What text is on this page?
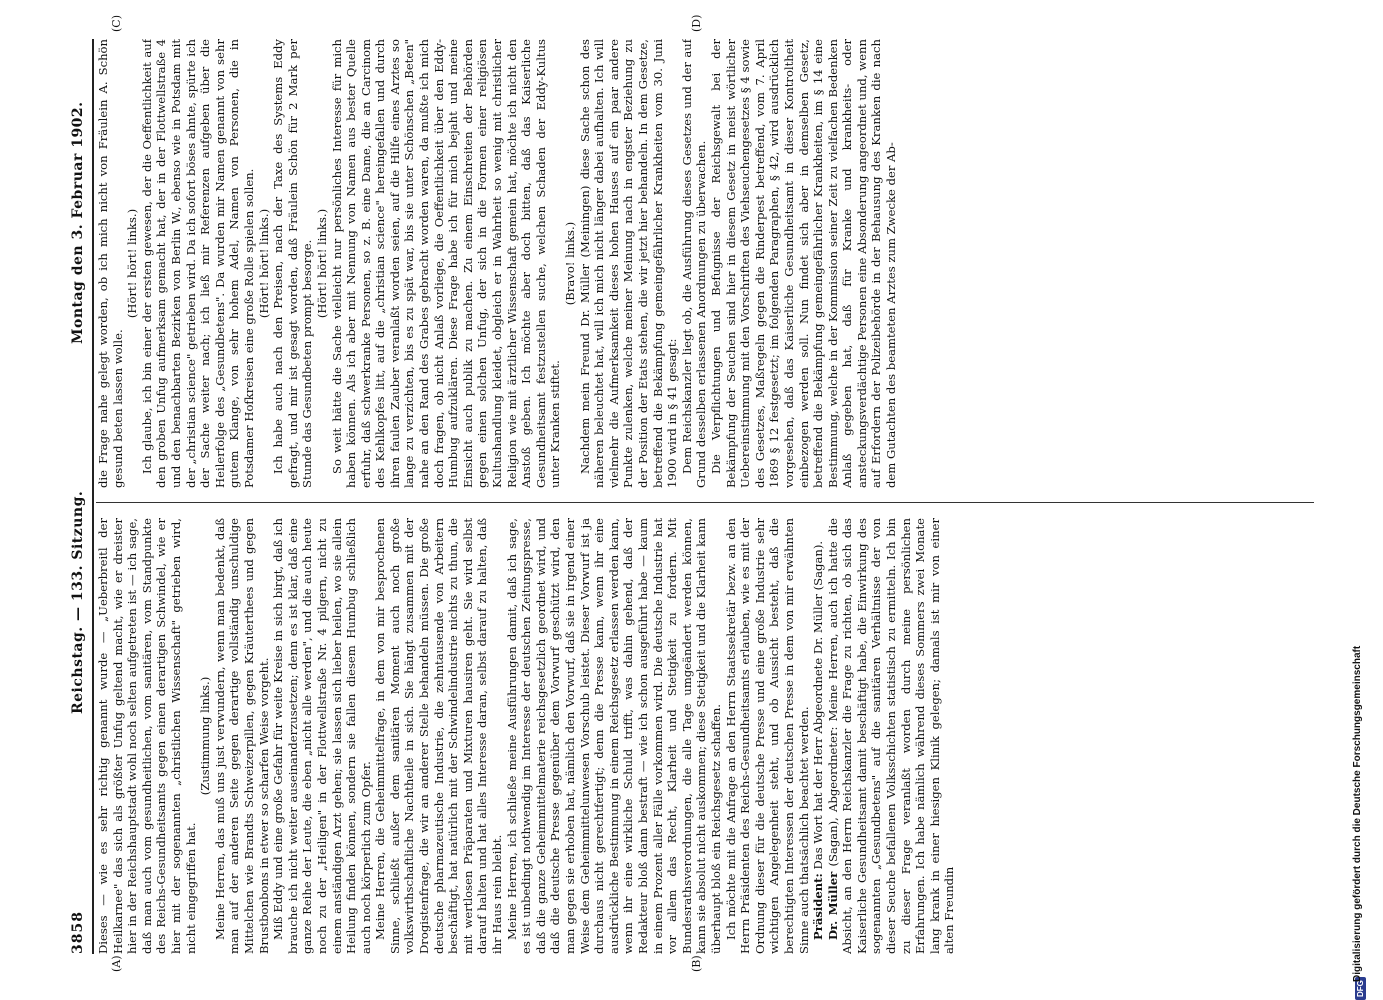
3858
Reichstag. — 133. Sitzung.
Montag den 3. Februar 1902.
(A)	(B)
(C)	(D)

Dieses — wie es sehr richtig genannt wurde — „Ueberbreitl der Heilkarnee" das sich als größter Unfug geltend macht, wie er dreister hier in der Reichshauptstadt wohl noch selten aufgetreten ist — ich sage, daß man auch vom gesundheitlichen, vom sanitären, vom Standpunkte des Reichs-Gesundheitsamts gegen einen derartigen Schwindel, wie er hier mit der sogenannten „christlichen Wissenschaft" getrieben wird, nicht eingegriffen hat.

(Zustimmung links.) Meine Herren, das muß uns just verwundern, wenn man bedenkt, daß man auf der anderen Seite gegen derartige vollständig unschuldige Mittelchen wie Brandts Schweizerpillen, gegen Kräuterthees und gegen Brustbonbons in etwer so scharfen Weise vorgeht. Miß Eddy und eine große Gefahr für weite Kreise in sich birgt, daß ich brauche ich nicht weiter auseinanderzusetzen; denn es ist klar, daß eine ganze Reihe der Leute, die eben „nicht alle werden", und die auch heute noch zu der „Heiligen" in der Flottwellstraße Nr. 4 pilgern, nicht zu einem anständigen Arzt gehen; sie lassen sich lieber heilen, wo sie allein Heilung finden können, sondern sie fallen diesem Humbug schließlich auch noch körperlich zum Opfer. Meine Herren, die Geheimmittelfrage, in dem von mir besprochenen Sinne, schließt außer dem sanitären Moment auch noch große volkswirthschaftliche Nachtheile in sich. Sie hängt zusammen mit der Drogistenfrage, die wir an anderer Stelle behandeln müssen. Die große deutsche pharmazeutische Industrie, die zehntausende von Arbeitern beschäftigt, hat natürlich mit der Schwindelindustrie nichts zu thun, die mit wertlosen Präparaten und Mixturen hausiren geht. Sie wird selbst darauf halten und hat alles Interesse daran, selbst darauf zu halten, daß ihr Haus rein bleibt. Meine Herren, ich schließe meine Ausführungen damit, daß ich sage, es ist unbedingt nothwendig im Interesse der deutschen Zeitungspresse, daß die ganze Geheimmittelmaterie reichsgesetzlich geordnet wird, und daß die deutsche Presse gegenüber dem Vorwurf geschützt wird, den man gegen sie erhoben hat, nämlich den Vorwurf, daß sie in irgend einer Weise dem Geheimmittelunwesen Vorschub leistet. Dieser Vorwurf ist ja durchaus nicht gerechtfertigt; denn die Presse kann, wenn ihr eine ausdrückliche Bestimmung in einem Reichsgesetz erlassen werden kann, wenn ihr eine wirkliche Schuld trifft, was dahin gehend, daß der Redakteur bloß dann bestraft — wie ich schon ausgeführt habe — kaum in einem Prozent aller Fälle vorkommen wird. Die deutsche Industrie hat vor allem das Recht, Klarheit und Stetigkeit zu fordern. Mit Bundesrathsverordnungen, die alle Tage umgeändert werden können, kann sie absolut nicht auskommen; diese Stetigkeit und die Klarheit kann überhaupt bloß ein Reichsgesetz schaffen. Ich möchte mit die Anfrage an den Herrn Staatssekretär bezw. an den Herrn Präsidenten des Reichs-Gesundheitsamts erlauben, wie es mit der Ordnung dieser für die deutsche Presse und eine große Industrie sehr wichtigen Angelegenheit steht, und ob Aussicht besteht, daß die berechtigten Interessen der deutschen Presse in dem von mir erwähnten Sinne auch thatsächlich beachtet werden. Präsident: Das Wort hat der Herr Abgeordnete Dr. Müller (Sagan).

Dr. Müller (Sagan), Abgeordneter: Meine Herren, auch ich hatte die Absicht, an den Herrn Reichskanzler die Frage zu richten, ob sich das Kaiserliche Gesundheitsamt damit beschäftigt habe, die Einwirkung des sogenannten „Gesundbetens" auf die sanitären Verhältnisse der von dieser Seuche befallenen Volksschichten statistisch zu ermitteln. Ich bin zu dieser Frage veranlaßt worden durch meine persönlichen Erfahrungen. Ich habe nämlich während dieses Sommers zwei Monate lang krank in einer hiesigen Klinik gelegen; damals ist mir von einer alten Freundin

die Frage nahe gelegt worden, ob ich mich nicht von Fräulein A. Schön gesund beten lassen wolle.

(Hört! hört! links.) Ich glaube, ich bin einer der ersten gewesen, der die Oeffentlichkeit auf den groben Unfug aufmerksam gemacht hat, der in der Flottwellstraße 4 und den benachbarten Bezirken von Berlin W., ebenso wie in Potsdam mit der „christian science" getrieben wird. Da ich sofort böses ahnte, spürte ich der Sache weiter nach; ich ließ mir Referenzen aufgeben über die Heilerfolge des „Gesundbetens". Da wurden mir Namen genannt von sehr gutem Klange, von sehr hohem Adel, Namen von Personen, die in Potsdamer Hofkreisen eine große Rolle spielen sollen. (Hört! hört! links.) Ich habe auch nach den Preisen, nach der Taxe des Systems Eddy gefragt, und mir ist gesagt worden, daß Fräulein Schön für 2 Mark per Stunde das Gesundbeten prompt besorge. (Hört! hört! links.) So weit hätte die Sache vielleicht nur persönliches Interesse für mich haben können. Als ich aber mit Nennung von Namen aus bester Quelle erfuhr, daß schwerkranke Personen, so z. B. eine Dame, die an Carcinom des Kehlkopfes litt, auf die „christian science" hereingefallen und durch ihren faulen Zauber veranlaßt worden seien, auf die Hilfe eines Arztes so lange zu verzichten, bis es zu spät war, bis sie unter Schönschen „Beten" nahe an den Rand des Grabes gebracht worden waren, da mußte ich mich doch fragen, ob nicht Anlaß vorliege, die Oeffentlichkeit über den Eddy-Humbug aufzuklären. Diese Frage habe ich für mich bejaht und meine Einsicht auch publik zu machen. Zu einem Einschreiten der Behörden gegen einen solchen Unfug, der sich in die Formen einer religiösen Kultushandlung kleidet, obgleich er in Wahrheit so wenig mit christlicher Religion wie mit ärztlicher Wissenschaft gemein hat, möchte ich nicht den Anstoß geben. Ich möchte aber doch bitten, daß das Kaiserliche Gesundheitsamt festzustellen suche, welchen Schaden der Eddy-Kultus unter Kranken stiftet.

(Bravo! links.) Nachdem mein Freund Dr. Müller (Meiningen) diese Sache schon des näheren beleuchtet hat, will ich mich nicht länger dabei aufhalten. Ich will vielmehr die Aufmerksamkeit dieses hohen Hauses auf ein paar andere Punkte zulenken, welche meiner Meinung nach in engster Beziehung zu der Position der Etats stehen, die wir jetzt hier behandeln. In dem Gesetze, betreffend die Bekämpfung gemeingefährlicher Krankheiten vom 30. Juni 1900 wird in § 41 gesagt: Dem Reichskanzler liegt ob, die Ausführung dieses Gesetzes und der auf Grund desselben erlassenen Anordnungen zu überwachen. Die Verpflichtungen und Befugnisse der Reichsgewalt bei der Bekämpfung der Seuchen sind hier in diesem Gesetz in meist wörtlicher Uebereinstimmung mit den Vorschriften des Viehseuchengesetzes § 4 sowie des Gesetzes, Maßregeln gegen die Rinderpest betreffend, vom 7. April 1869 § 12 festgesetzt; im folgenden Paragraphen, § 42, wird ausdrücklich vorgesehen, daß das Kaiserliche Gesundheitsamt in dieser Kontroltheit einbezogen werden soll. Nun findet sich aber in demselben Gesetz, betreffend die Bekämpfung gemeingefährlicher Krankheiten, im § 14 eine Bestimmung, welche in der Kommission seiner Zeit zu vielfachen Bedenken Anlaß gegeben hat, daß für Kranke und krankheits- oder ansteckungsverdächtige Personen eine Absonderung angeordnet und, wenn auf Erfordern der Polizeibehörde in der Behausung des Kranken die nach dem Gutachten des beamteten Arztes zum Zwecke der Ab-

DFG
Digitalisierung gefördert durch die Deutsche Forschungsgemeinschaft
